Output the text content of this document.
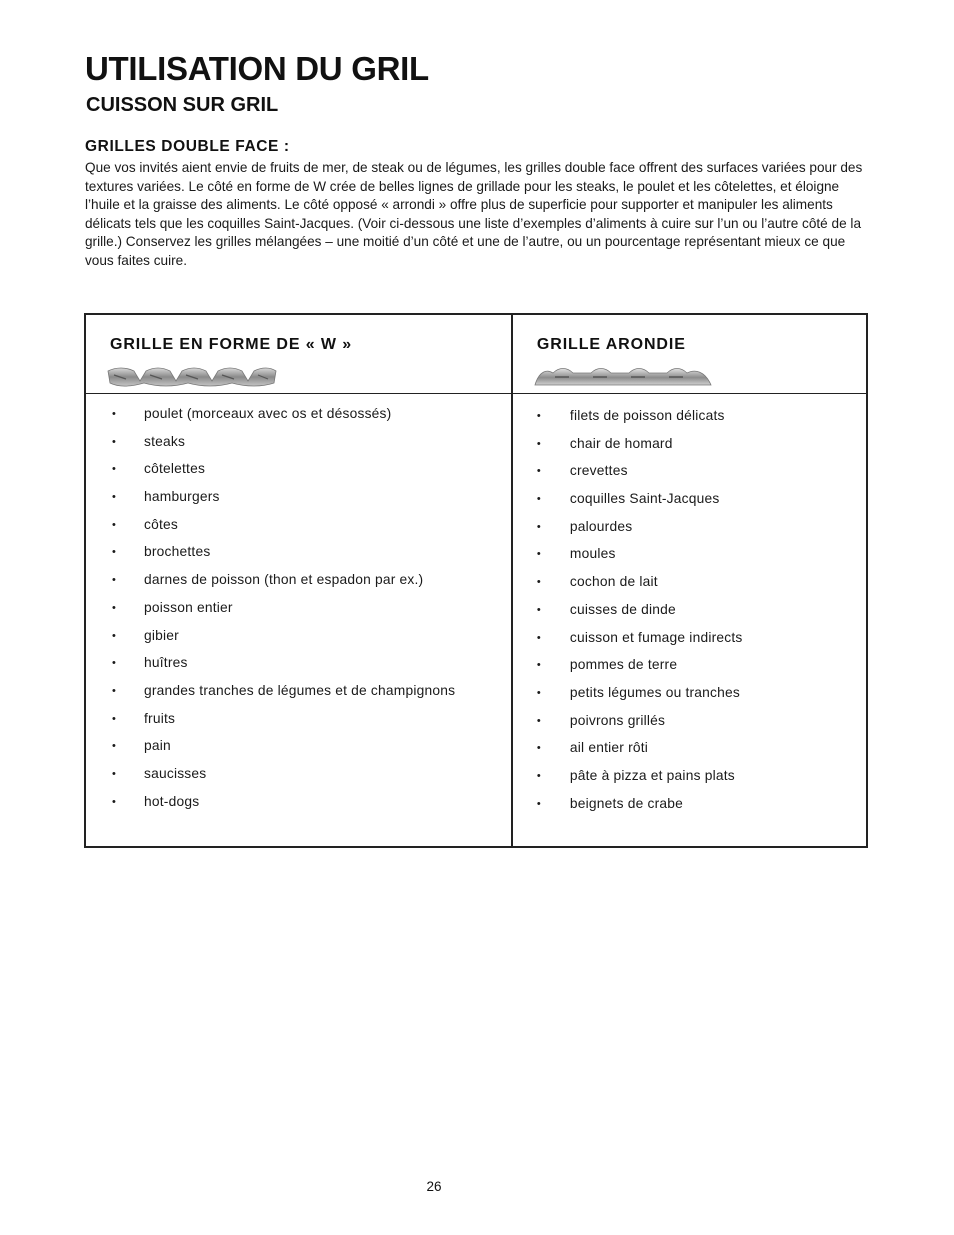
UTILISATION DU GRIL
CUISSON SUR GRIL
GRILLES DOUBLE FACE :

Que vos invités aient envie de fruits de mer, de steak ou de légumes, les grilles double face offrent des surfaces variées pour des textures variées. Le côté en forme de W crée de belles lignes de grillade pour les steaks, le poulet et les côtelettes, et éloigne l’huile et la graisse des aliments. Le côté opposé « arrondi » offre plus de superficie pour supporter et manipuler les aliments délicats tels que les coquilles Saint-Jacques. (Voir ci-dessous une liste d’exemples d’aliments à cuire sur l’un ou l’autre côté de la grille.) Conservez les grilles mélangées – une moitié d’un côté et une de l’autre, ou un pourcentage représentant mieux ce que vous faites cuire.

GRILLE EN FORME DE « W »
•	poulet (morceaux avec os et désossés)
•	steaks
•	côtelettes
•	hamburgers
•	côtes
•	brochettes
•	darnes de poisson (thon et espadon par ex.)
•	poisson entier
•	gibier
•	huîtres
•	grandes tranches de légumes et de champignons
•	fruits
•	pain
•	saucisses
•	hot-dogs
GRILLE ARONDIE
•	filets de poisson délicats
•	chair de homard
•	crevettes
•	coquilles Saint-Jacques
•	palourdes
•	moules
•	cochon de lait
•	cuisses de dinde
•	cuisson et fumage indirects
•	pommes de terre
•	petits légumes ou tranches
•	poivrons grillés
•	ail entier rôti
•	pâte à pizza et pains plats
•	beignets de crabe

26
